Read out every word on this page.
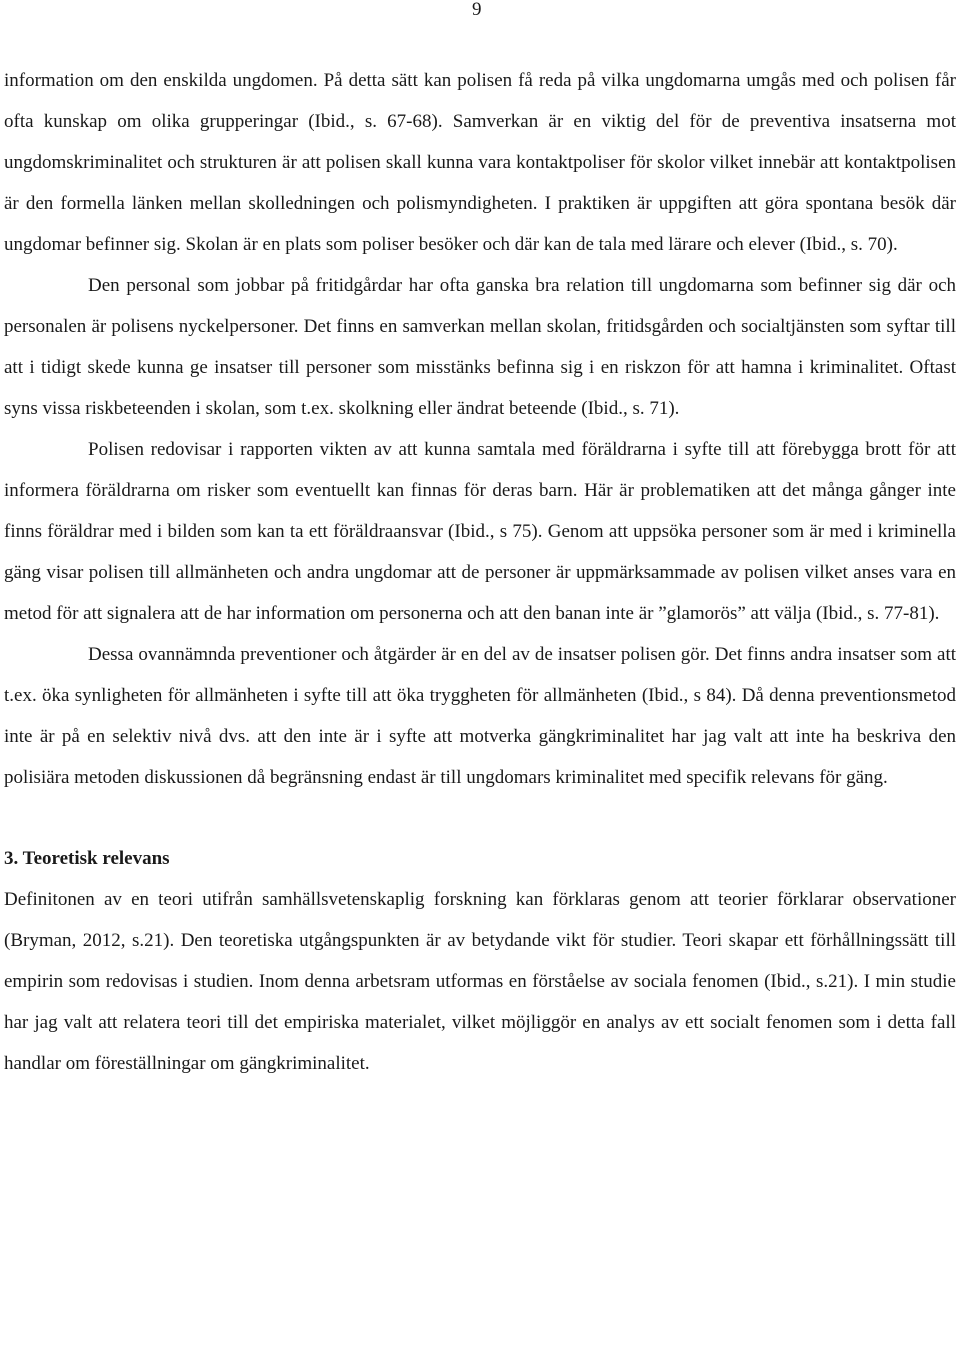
9

information om den enskilda ungdomen. På detta sätt kan polisen få reda på vilka ungdomarna umgås med och polisen får ofta kunskap om olika grupperingar (Ibid., s. 67-68). Samverkan är en viktig del för de preventiva insatserna mot ungdomskriminalitet och strukturen är att polisen skall kunna vara kontaktpoliser för skolor vilket innebär att kontaktpolisen är den formella länken mellan skolledningen och polismyndigheten. I praktiken är uppgiften att göra spontana besök där ungdomar befinner sig. Skolan är en plats som poliser besöker och där kan de tala med lärare och elever (Ibid., s. 70).

Den personal som jobbar på fritidgårdar har ofta ganska bra relation till ungdomarna som befinner sig där och personalen är polisens nyckelpersoner. Det finns en samverkan mellan skolan, fritidsgården och socialtjänsten som syftar till att i tidigt skede kunna ge insatser till personer som misstänks befinna sig i en riskzon för att hamna i kriminalitet. Oftast syns vissa riskbeteenden i skolan, som t.ex. skolkning eller ändrat beteende (Ibid., s. 71).

Polisen redovisar i rapporten vikten av att kunna samtala med föräldrarna i syfte till att förebygga brott för att informera föräldrarna om risker som eventuellt kan finnas för deras barn. Här är problematiken att det många gånger inte finns föräldrar med i bilden som kan ta ett föräldraansvar (Ibid., s 75). Genom att uppsöka personer som är med i kriminella gäng visar polisen till allmänheten och andra ungdomar att de personer är uppmärksammade av polisen vilket anses vara en metod för att signalera att de har information om personerna och att den banan inte är ”glamorös” att välja (Ibid., s. 77-81).

Dessa ovannämnda preventioner och åtgärder är en del av de insatser polisen gör. Det finns andra insatser som att t.ex. öka synligheten för allmänheten i syfte till att öka tryggheten för allmänheten (Ibid., s 84). Då denna preventionsmetod inte är på en selektiv nivå dvs. att den inte är i syfte att motverka gängkriminalitet har jag valt att inte ha beskriva den polisiära metoden diskussionen då begränsning endast är till ungdomars kriminalitet med specifik relevans för gäng.

3. Teoretisk relevans

Definitonen av en teori utifrån samhällsvetenskaplig forskning kan förklaras genom att teorier förklarar observationer (Bryman, 2012, s.21). Den teoretiska utgångspunkten är av betydande vikt för studier. Teori skapar ett förhållningssätt till empirin som redovisas i studien. Inom denna arbetsram utformas en förståelse av sociala fenomen (Ibid., s.21). I min studie har jag valt att relatera teori till det empiriska materialet, vilket möjliggör en analys av ett socialt fenomen som i detta fall handlar om föreställningar om gängkriminalitet.
